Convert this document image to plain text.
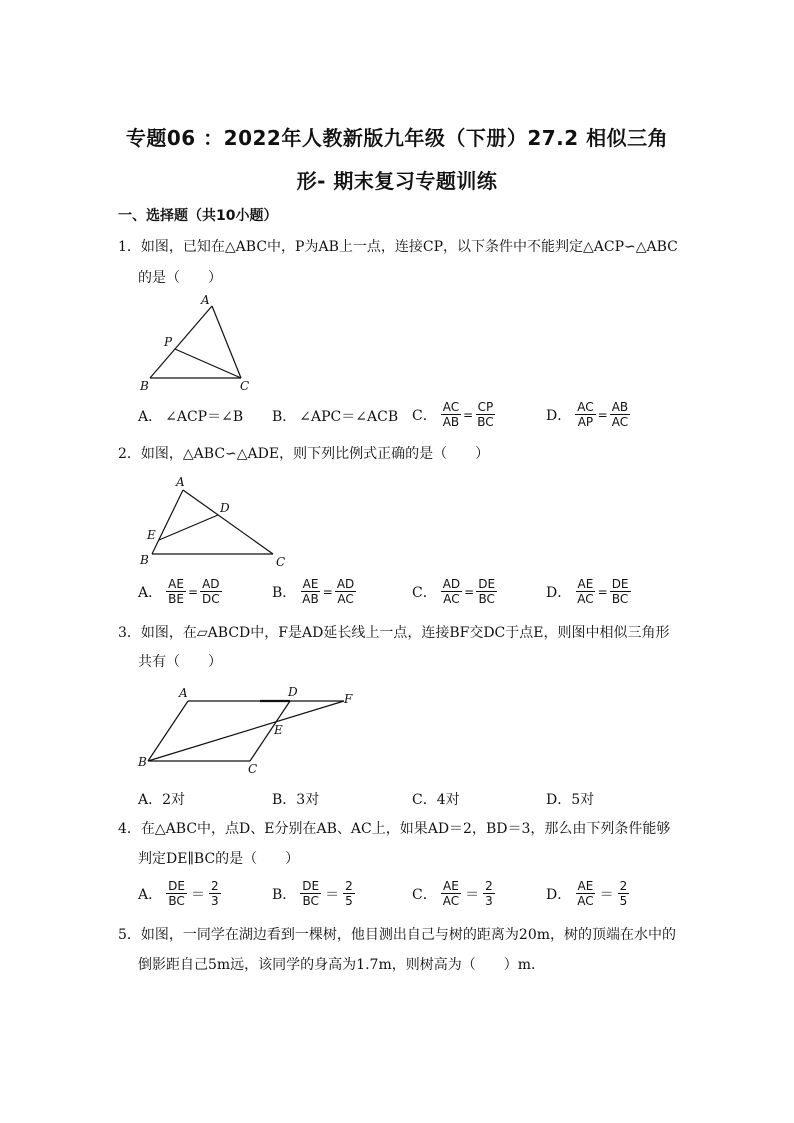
专题06 ：2022年人教新版九年级（下册）27.2 相似三角
形- 期末复习专题训练
一、选择题（共10小题）
1．如图，已知在△ABC中，P为AB上一点，连接CP，以下条件中不能判定△ACP∽△ABC
的是（　　）
A
P
B	C
A． ∠ACP＝∠B B． ∠APC＝∠ACB C． $\frac{AC}{AB} = \frac{CP}{BC}$	D． $\frac{AC}{AP} = \frac{AB}{AC}$
2．如图，△ABC∽△ADE，则下列比例式正确的是（　　）
A
D
E
B	C
A． $\frac{AE}{BE} = \frac{AD}{DC}$	B． $\frac{AE}{AB} = \frac{AD}{AC}$	C． $\frac{AD}{AC} = \frac{DE}{BC}$	D． $\frac{AE}{AC} = \frac{DE}{BC}$
3．如图，在▱ABCD中，F是AD延长线上一点，连接BF交DC于点E，则图中相似三角形
共有（　　）
A	D	F
E
B	C
A．2对	B．3对	C．4对	D．5对
4．在△ABC中，点D、E分别在AB、AC上，如果AD＝2，BD＝3，那么由下列条件能够
判定DE∥BC的是（　　）
A． $\frac{DE}{BC} = \frac{2}{3}$	B． $\frac{DE}{BC} = \frac{2}{5}$	C． $\frac{AE}{AC} = \frac{2}{3}$	D． $\frac{AE}{AC} = \frac{2}{5}$
5．如图，一同学在湖边看到一棵树，他目测出自己与树的距离为20m，树的顶端在水中的
倒影距自己5m远，该同学的身高为1.7m，则树高为（　　）m．
